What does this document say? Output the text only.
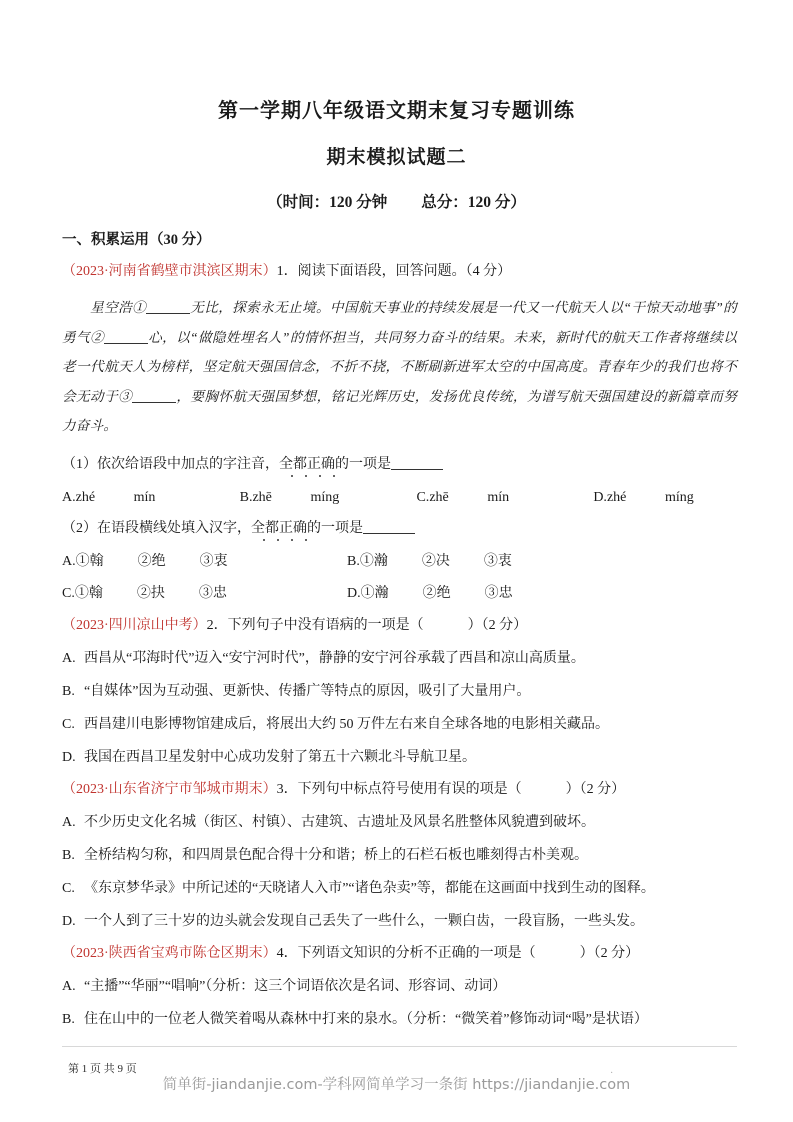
第一学期八年级语文期末复习专题训练
期末模拟试题二
（时间：120 分钟 总分：120 分）
一、积累运用（30 分）
（2023·河南省鹤壁市淇滨区期末）1．阅读下面语段，回答问题。（4 分）
星空浩①	无比，探索永无止境。中国航天事业的持续发展是一代又一代航天人以“干惊天动地事”的勇气②	心，以“做隐姓埋名人”的情怀担当，共同努力奋斗的结果。未来，新时代的航天工作者将继续以老一代航天人为榜样，坚定航天强国信念，不折不挠，不断刷新进军太空的中国高度。青春年少的我们也将不会无动于③	，要胸怀航天强国梦想，铭记光辉历史，发扬优良传统，为谱写航天强国建设的新篇章而努力奋斗。
（1）依次给语段中加点的字注音，全都正确的一项是
A.zhé	mín	B.zhē	míng	C.zhē	mín	D.zhé	míng
（2）在语段横线处填入汉字，全都正确的一项是
A.①翰 ②绝 ③衷	B.①瀚 ②决 ③衷
C.①翰 ②抉 ③忠	D.①瀚 ②绝 ③忠
（2023·四川凉山中考）2．下列句子中没有语病的一项是（	）（2 分）
A. 西昌从“邛海时代”迈入“安宁河时代”，静静的安宁河谷承载了西昌和凉山高质量。
B. “自媒体”因为互动强、更新快、传播广等特点的原因，吸引了大量用户。
C. 西昌建川电影博物馆建成后，将展出大约 50 万件左右来自全球各地的电影相关藏品。
D. 我国在西昌卫星发射中心成功发射了第五十六颗北斗导航卫星。
（2023·山东省济宁市邹城市期末）3．下列句中标点符号使用有误的项是（	）（2 分）
A. 不少历史文化名城（街区、村镇）、古建筑、古遗址及风景名胜整体风貌遭到破坏。
B. 全桥结构匀称，和四周景色配合得十分和谐；桥上的石栏石板也雕刻得古朴美观。
C. 《东京梦华录》中所记述的“天晓诸人入市”“诸色杂卖”等，都能在这画面中找到生动的图释。
D. 一个人到了三十岁的边头就会发现自己丢失了一些什么，一颗白齿，一段盲肠，一些头发。
（2023·陕西省宝鸡市陈仓区期末）4．下列语文知识的分析不正确的一项是（	）（2 分）
A. “主播”“华丽”“唱响”（分析：这三个词语依次是名词、形容词、动词）
B. 住在山中的一位老人微笑着喝从森林中打来的泉水。（分析：“微笑着”修饰动词“喝”是状语）
第 1 页 共 9 页	.
简单街-jiandanjie.com-学科网简单学习一条街 https://jiandanjie.com
